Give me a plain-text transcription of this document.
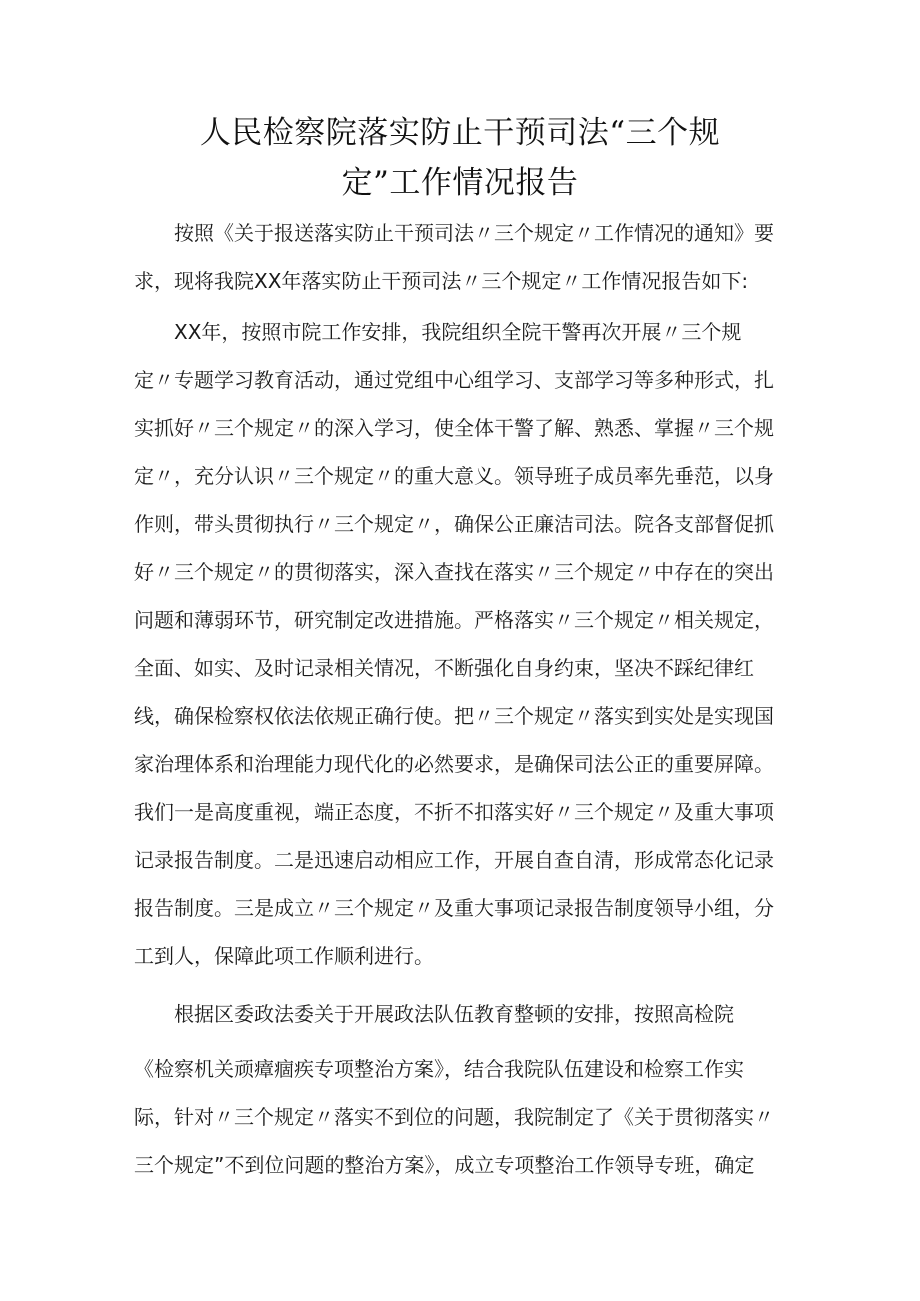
人民检察院落实防止干预司法“三个规
定”工作情况报告
按照《关于报送落实防止干预司法〃三个规定〃工作情况的通知》要
求，现将我院XX年落实防止干预司法〃三个规定〃工作情况报告如下:
XX年，按照市院工作安排，我院组织全院干警再次开展〃三个规
定〃专题学习教育活动，通过党组中心组学习、支部学习等多种形式，扎
实抓好〃三个规定〃的深入学习，使全体干警了解、熟悉、掌握〃三个规
定〃，充分认识〃三个规定〃的重大意义。领导班子成员率先垂范，以身
作则，带头贯彻执行〃三个规定〃，确保公正廉洁司法。院各支部督促抓
好〃三个规定〃的贯彻落实，深入查找在落实〃三个规定〃中存在的突出
问题和薄弱环节，研究制定改进措施。严格落实〃三个规定〃相关规定，
全面、如实、及时记录相关情况，不断强化自身约束，坚决不踩纪律红
线，确保检察权依法依规正确行使。把〃三个规定〃落实到实处是实现国
家治理体系和治理能力现代化的必然要求，是确保司法公正的重要屏障。
我们一是高度重视，端正态度，不折不扣落实好〃三个规定〃及重大事项
记录报告制度。二是迅速启动相应工作，开展自查自清，形成常态化记录
报告制度。三是成立〃三个规定〃及重大事项记录报告制度领导小组，分
工到人，保障此项工作顺利进行。
根据区委政法委关于开展政法队伍教育整顿的安排，按照高检院
《检察机关顽瘴痼疾专项整治方案》，结合我院队伍建设和检察工作实
际，针对〃三个规定〃落实不到位的问题，我院制定了《关于贯彻落实〃
三个规定”不到位问题的整治方案》，成立专项整治工作领导专班，确定
